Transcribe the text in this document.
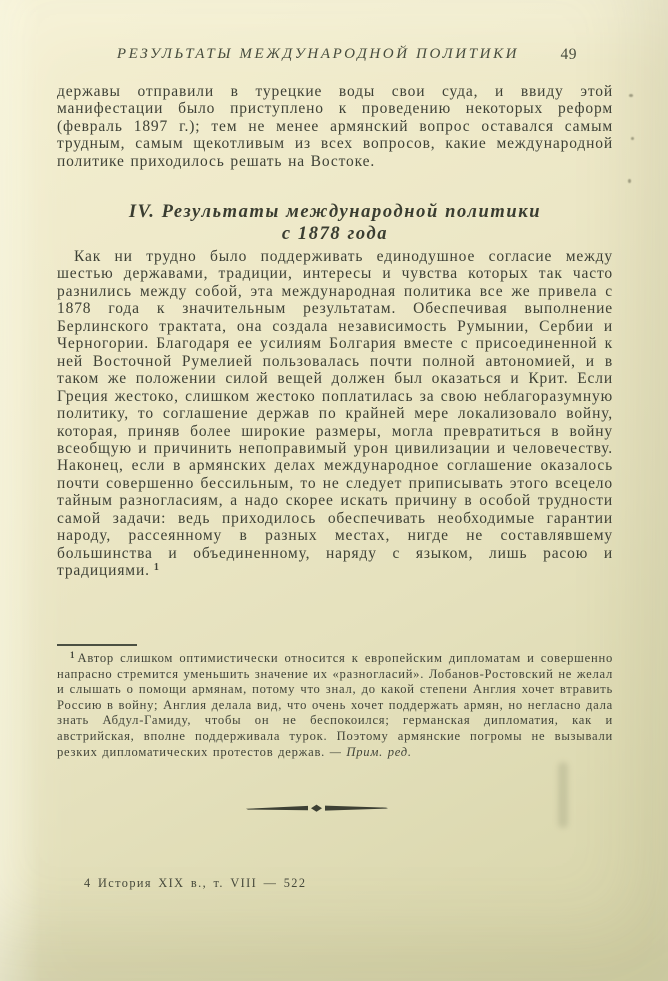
РЕЗУЛЬТАТЫ МЕЖДУНАРОДНОЙ ПОЛИТИКИ	49

державы отправили в турецкие воды свои суда, и ввиду этой манифестации было приступлено к проведению некоторых реформ (февраль 1897 г.); тем не менее армянский вопрос оставался самым трудным, самым щекотливым из всех вопросов, какие международной политике приходилось решать на Востоке.

IV. Результаты международной политики
с 1878 года

Как ни трудно было поддерживать единодушное согласие между шестью державами, традиции, интересы и чувства которых так часто разнились между собой, эта международная политика все же привела с 1878 года к значительным результатам. Обеспечивая выполнение Берлинского трактата, она создала независимость Румынии, Сербии и Черногории. Благодаря ее усилиям Болгария вместе с присоединенной к ней Восточной Румелией пользовалась почти полной автономией, и в таком же положении силой вещей должен был оказаться и Крит. Если Греция жестоко, слишком жестоко поплатилась за свою неблагоразумную политику, то соглашение держав по крайней мере локализовало войну, которая, приняв более широкие размеры, могла превратиться в войну всеобщую и причинить непоправимый урон цивилизации и человечеству. Наконец, если в армянских делах международное соглашение оказалось почти совершенно бессильным, то не следует приписывать этого всецело тайным разногласиям, а надо скорее искать причину в особой трудности самой задачи: ведь приходилось обеспечивать необходимые гарантии народу, рассеянному в разных местах, нигде не составлявшему большинства и объединенному, наряду с языком, лишь расою и традициями. $^1$

$^1$ Автор слишком оптимистически относится к европейским дипломатам и совершенно напрасно стремится уменьшить значение их «разногласий». Лобанов-Ростовский не желал и слышать о помощи армянам, потому что знал, до какой степени Англия хочет втравить Россию в войну; Англия делала вид, что очень хочет поддержать армян, но негласно дала знать Абдул-Гамиду, чтобы он не беспокоился; германская дипломатия, как и австрийская, вполне поддерживала турок. Поэтому армянские погромы не вызывали резких дипломатических протестов держав. — Прим. ред.

4 История XIX в., т. VIII — 522
